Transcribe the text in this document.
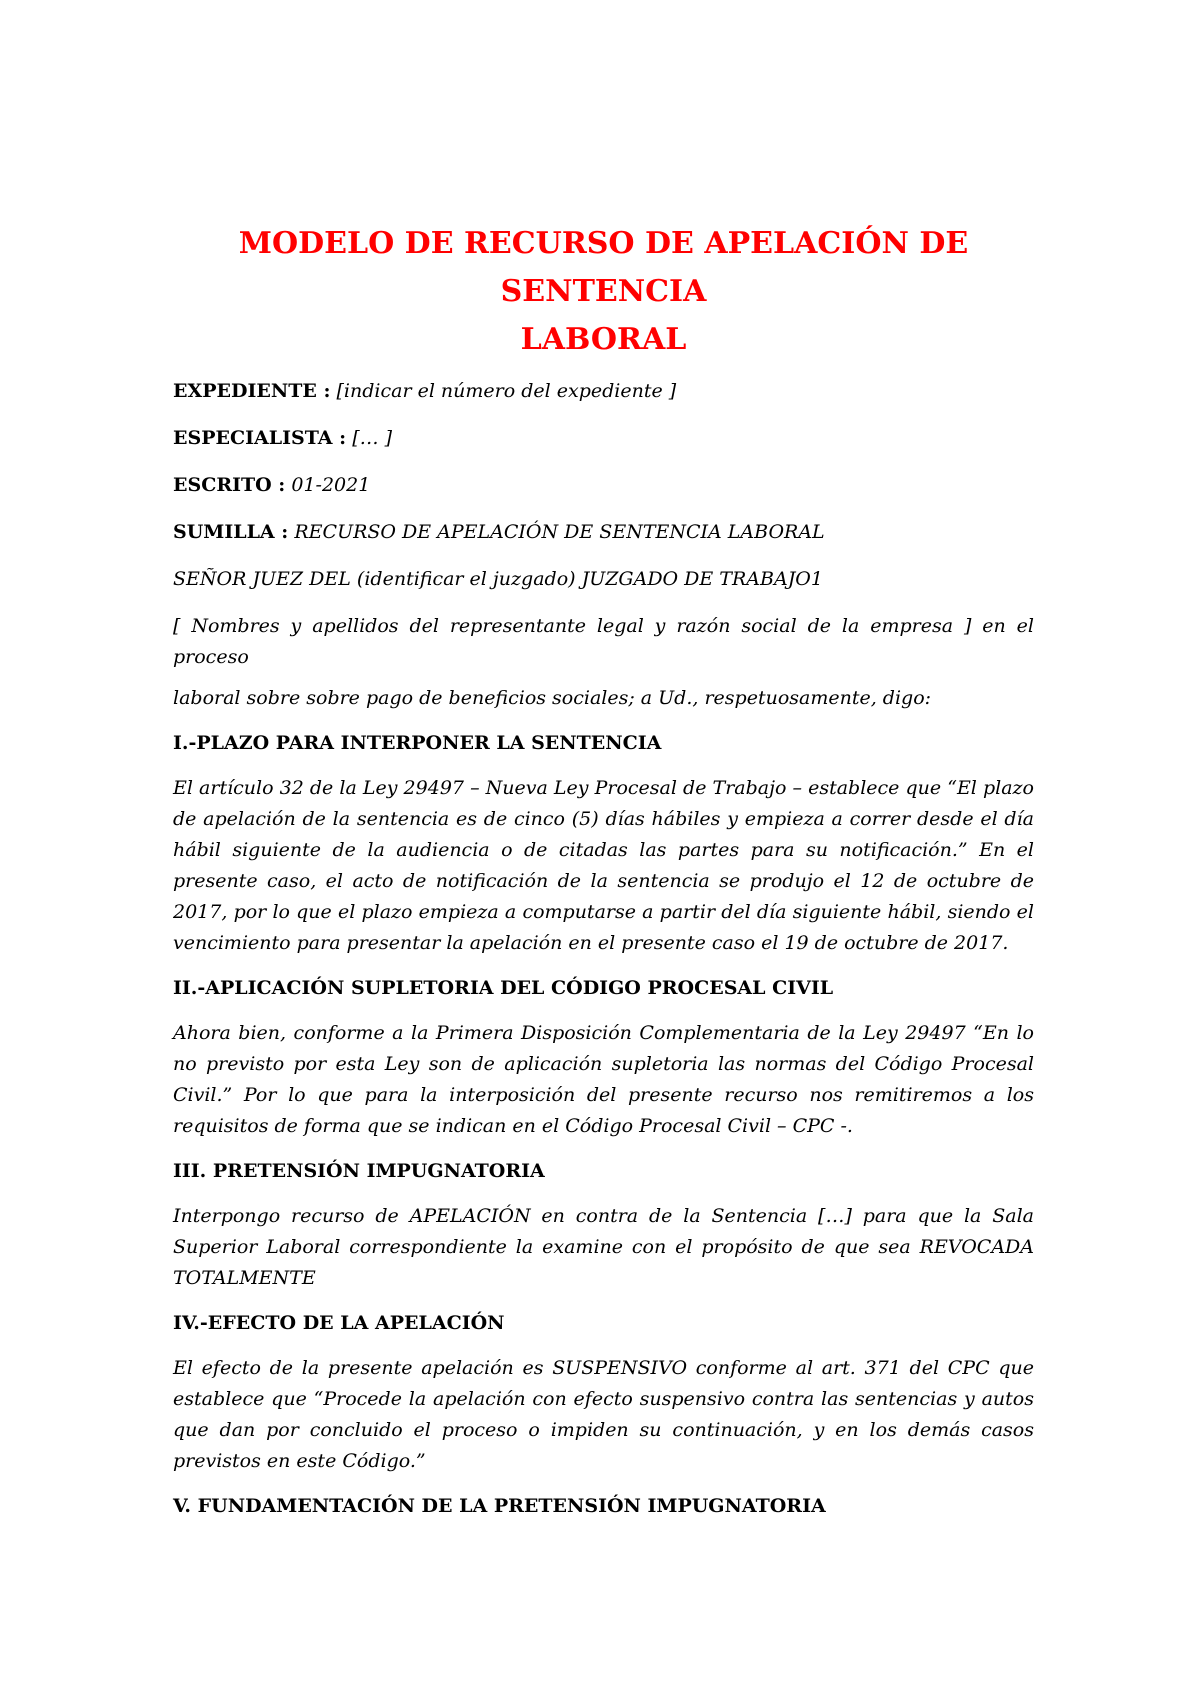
MODELO DE RECURSO DE APELACIÓN DE SENTENCIA
LABORAL

EXPEDIENTE : [indicar el número del expediente ]

ESPECIALISTA : [… ]

ESCRITO : 01-2021

SUMILLA : RECURSO DE APELACIÓN DE SENTENCIA LABORAL

SEÑOR JUEZ DEL (identificar el juzgado) JUZGADO DE TRABAJO1

[ Nombres y apellidos del representante legal y razón social de la empresa ] en el proceso

laboral sobre sobre pago de beneficios sociales; a Ud., respetuosamente, digo:

I.-PLAZO PARA INTERPONER LA SENTENCIA

El artículo 32 de la Ley 29497 – Nueva Ley Procesal de Trabajo – establece que “El plazo de apelación de la sentencia es de cinco (5) días hábiles y empieza a correr desde el día hábil siguiente de la audiencia o de citadas las partes para su notificación.” En el presente caso, el acto de notificación de la sentencia se produjo el 12 de octubre de 2017, por lo que el plazo empieza a computarse a partir del día siguiente hábil, siendo el vencimiento para presentar la apelación en el presente caso el 19 de octubre de 2017.

II.-APLICACIÓN SUPLETORIA DEL CÓDIGO PROCESAL CIVIL

Ahora bien, conforme a la Primera Disposición Complementaria de la Ley 29497 “En lo no previsto por esta Ley son de aplicación supletoria las normas del Código Procesal Civil.” Por lo que para la interposición del presente recurso nos remitiremos a los requisitos de forma que se indican en el Código Procesal Civil – CPC -.

III. PRETENSIÓN IMPUGNATORIA

Interpongo recurso de APELACIÓN en contra de la Sentencia […] para que la Sala Superior Laboral correspondiente la examine con el propósito de que sea REVOCADA TOTALMENTE

IV.-EFECTO DE LA APELACIÓN

El efecto de la presente apelación es SUSPENSIVO conforme al art. 371 del CPC que establece que “Procede la apelación con efecto suspensivo contra las sentencias y autos que dan por concluido el proceso o impiden su continuación, y en los demás casos previstos en este Código.”

V. FUNDAMENTACIÓN DE LA PRETENSIÓN IMPUGNATORIA
